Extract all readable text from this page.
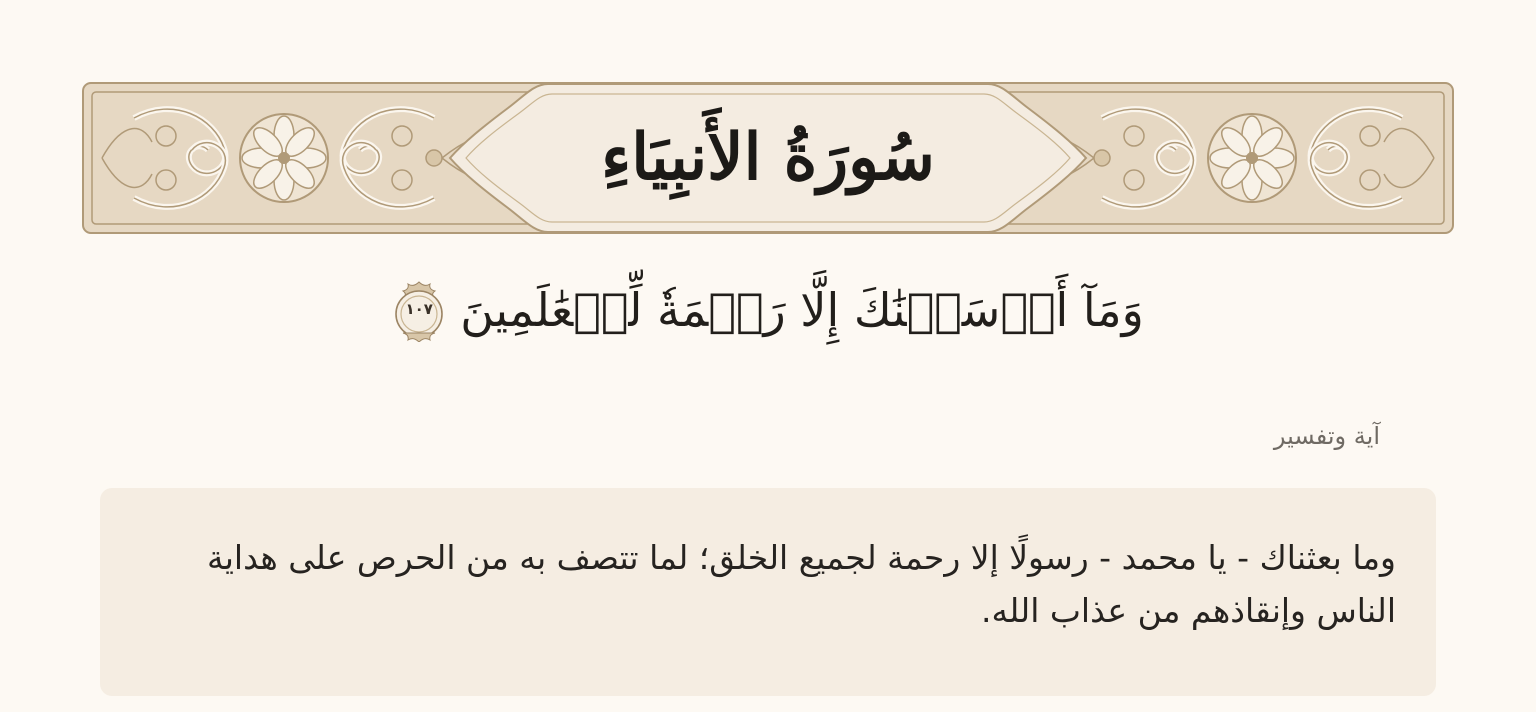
سُورَةُ الأَنبِيَاءِ
وَمَآ أَرۡسَلۡنَٰكَ إِلَّا رَحۡمَةٗ لِّلۡعَٰلَمِينَ
١٠٧
آية وتفسير

وما بعثناك - يا محمد - رسولًا إلا رحمة لجميع الخلق؛ لما تتصف به من الحرص على هداية الناس وإنقاذهم من عذاب الله.
